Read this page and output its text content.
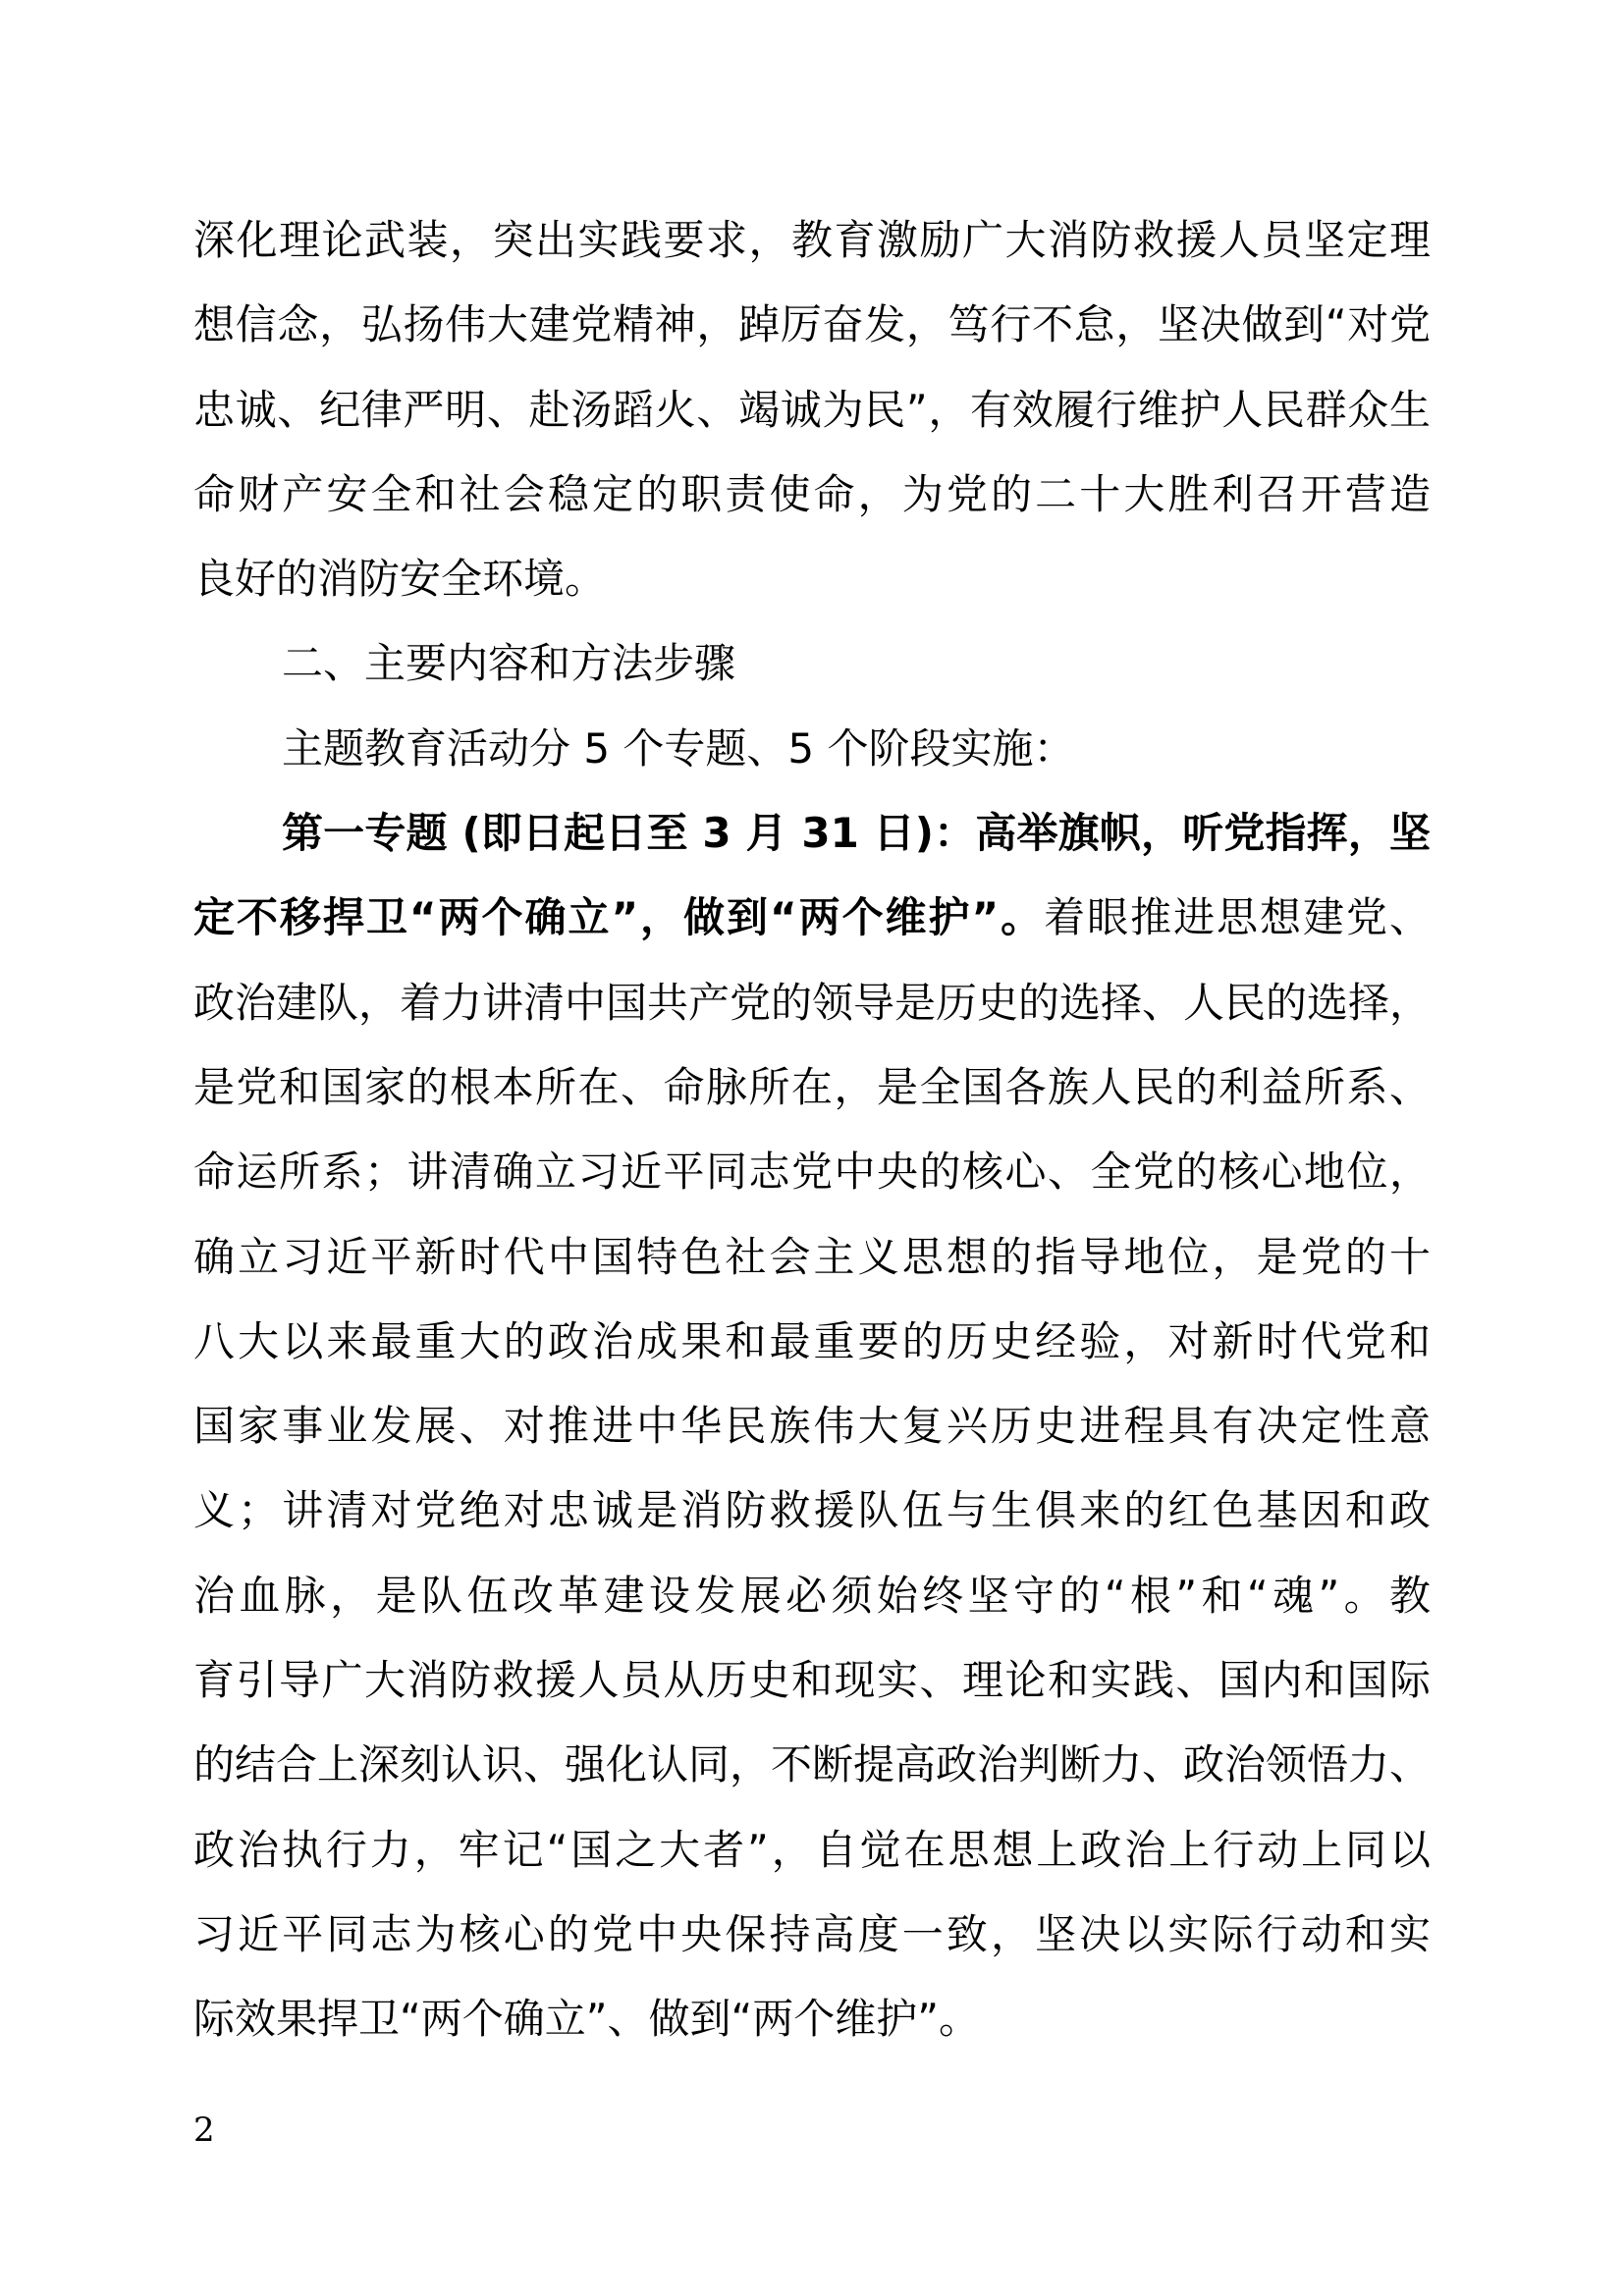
深化理论武装，突出实践要求，教育激励广大消防救援人员坚定理
想信念，弘扬伟大建党精神，踔厉奋发，笃行不怠，坚决做到“对党
忠诚、纪律严明、赴汤蹈火、竭诚为民”，有效履行维护人民群众生
命财产安全和社会稳定的职责使命，为党的二十大胜利召开营造
良好的消防安全环境。
二、主要内容和方法步骤
主题教育活动分 5 个专题、5 个阶段实施：
第一专题 (即日起日至 3 月 31 日)：高举旗帜，听党指挥，坚
定不移捍卫“两个确立”，做到“两个维护”。着眼推进思想建党、
政治建队，着力讲清中国共产党的领导是历史的选择、人民的选择，
是党和国家的根本所在、命脉所在，是全国各族人民的利益所系、
命运所系；讲清确立习近平同志党中央的核心、全党的核心地位，
确立习近平新时代中国特色社会主义思想的指导地位，是党的十
八大以来最重大的政治成果和最重要的历史经验，对新时代党和
国家事业发展、对推进中华民族伟大复兴历史进程具有决定性意
义；讲清对党绝对忠诚是消防救援队伍与生俱来的红色基因和政
治血脉，是队伍改革建设发展必须始终坚守的“根”和“魂”。教
育引导广大消防救援人员从历史和现实、理论和实践、国内和国际
的结合上深刻认识、强化认同，不断提高政治判断力、政治领悟力、
政治执行力，牢记“国之大者”，自觉在思想上政治上行动上同以
习近平同志为核心的党中央保持高度一致，坚决以实际行动和实
际效果捍卫“两个确立”、做到“两个维护”。
2
